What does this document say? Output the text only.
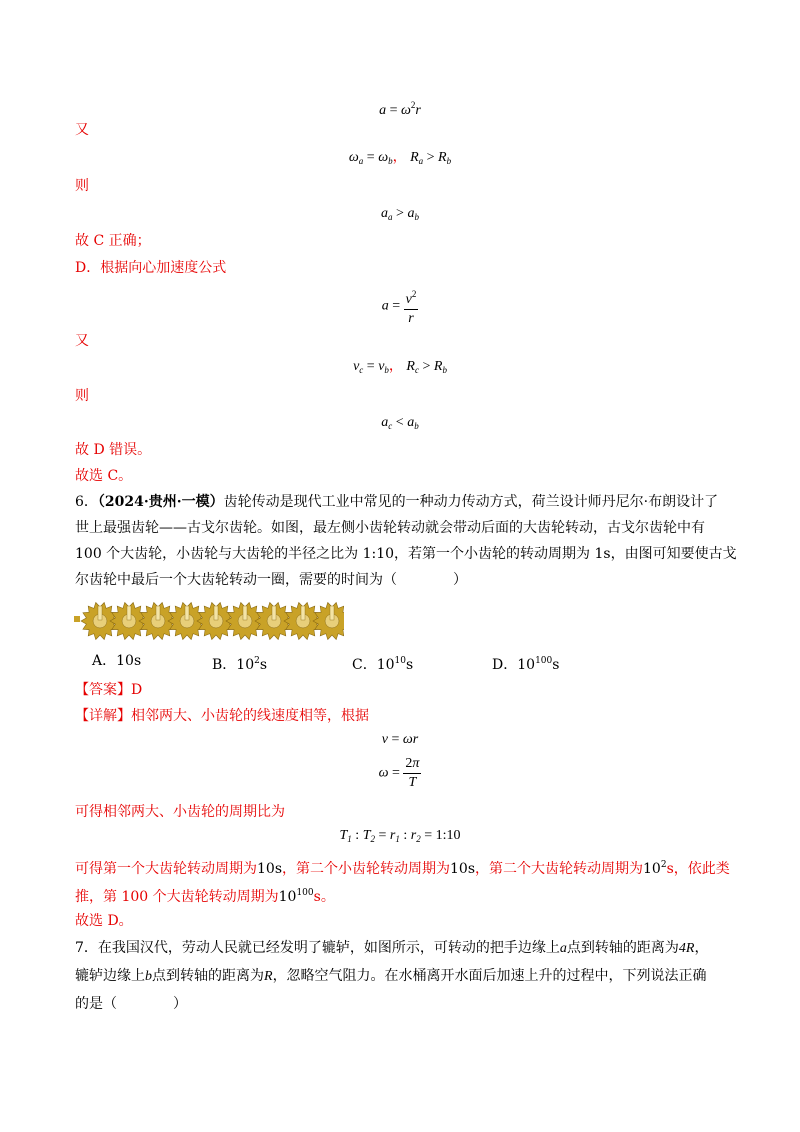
$a = \omega^2r$
又
$\omega_a = \omega_b$， $R_a > R_b$
则
$a_a > a_b$
故 C 正确；
D．根据向心加速度公式
$a = \frac{v^2}{r}$
又
$v_c = v_b$， $R_c > R_b$
则
$a_c < a_b$
故 D 错误。
故选 C。
6．（2024·贵州·一模）齿轮传动是现代工业中常见的一种动力传动方式，荷兰设计师丹尼尔·布朗设计了
世上最强齿轮——古戈尔齿轮。如图，最左侧小齿轮转动就会带动后面的大齿轮转动，古戈尔齿轮中有
100 个大齿轮，小齿轮与大齿轮的半径之比为 1:10，若第一个小齿轮的转动周期为 1s，由图可知要使古戈
尔齿轮中最后一个大齿轮转动一圈，需要的时间为（　　　　）
A．10s	B．$10^2s$	C．$10^{10}s$	D．$10^{100}s$
【答案】D
【详解】相邻两大、小齿轮的线速度相等，根据
v = ωr
$\omega = \frac{2\pi}{T}$
可得相邻两大、小齿轮的周期比为
$T_1$ : $T_2 = r_1$ : $r_2$ = 1:10
可得第一个大齿轮转动周期为10s，第二个小齿轮转动周期为10s，第二个大齿轮转动周期为$10^2s$，依此类
推，第 100 个大齿轮转动周期为$10^{100}s$。
故选 D。
7．在我国汉代，劳动人民就已经发明了辘轳，如图所示，可转动的把手边缘上a点到转轴的距离为4R，
辘轳边缘上b点到转轴的距离为R，忽略空气阻力。在水桶离开水面后加速上升的过程中，下列说法正确
的是（　　　　）
